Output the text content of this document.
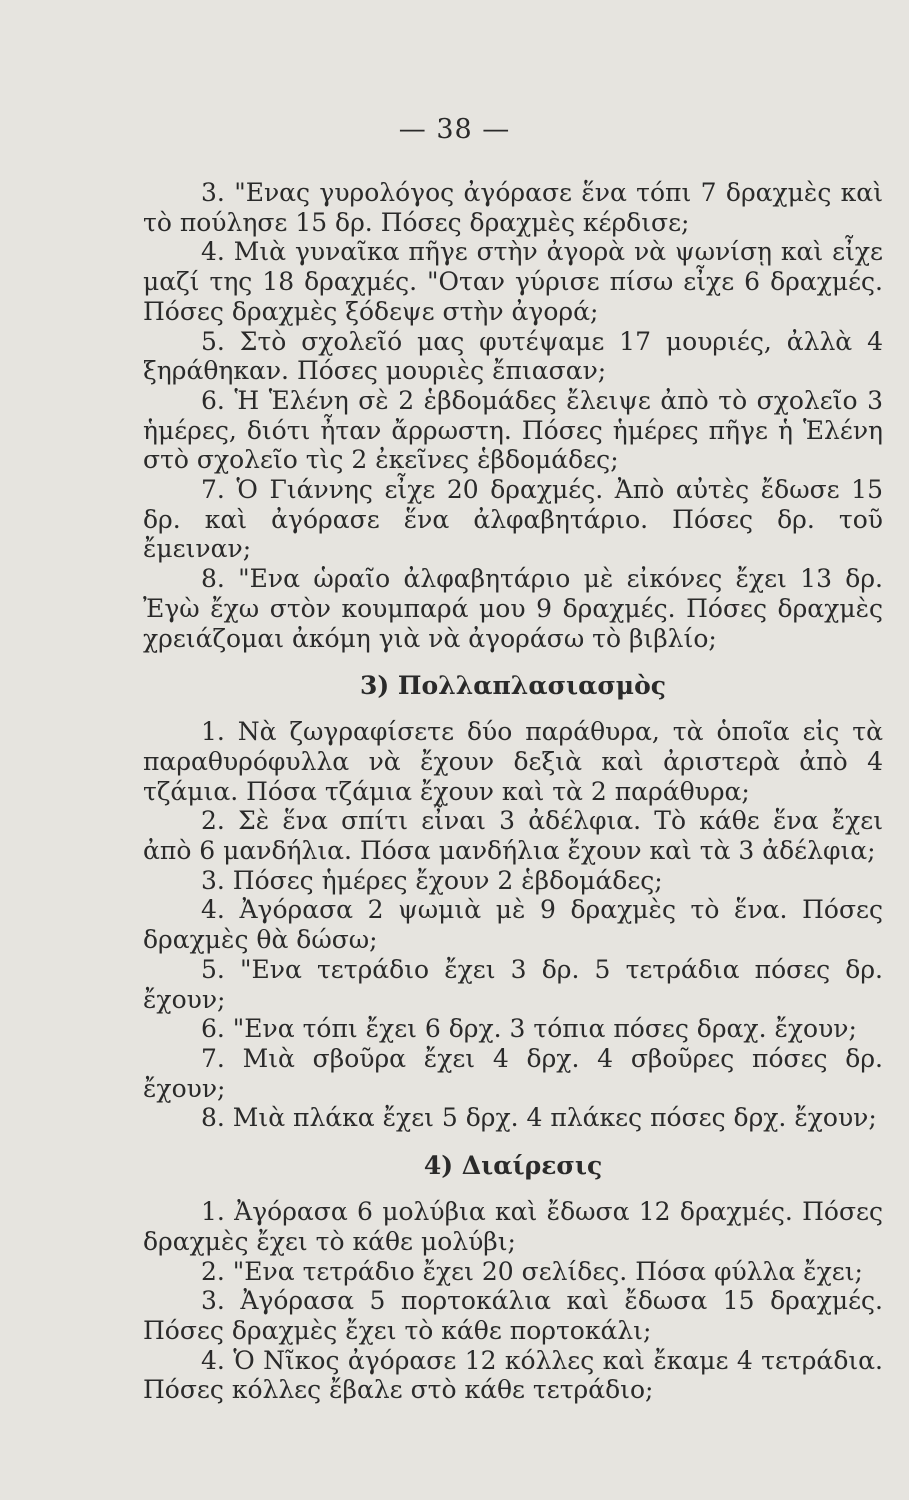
— 38 —

3. "Ενας γυρολόγος ἀγόρασε ἕνα τόπι 7 δραχμὲς καὶ τὸ πούλησε 15 δρ. Πόσες δραχμὲς κέρδισε;

4. Μιὰ γυναῖκα πῆγε στὴν ἀγορὰ νὰ ψωνίσῃ καὶ εἶχε μαζί της 18 δραχμές. "Οταν γύρισε πίσω εἶχε 6 δραχμές. Πόσες δραχμὲς ξόδεψε στὴν ἀγορά;

5. Στὸ σχολεῖό μας φυτέψαμε 17 μουριές, ἀλλὰ 4 ξηράθηκαν. Πόσες μουριὲς ἔπιασαν;

6. Ἡ Ἑλένη σὲ 2 ἑβδομάδες ἔλειψε ἀπὸ τὸ σχολεῖο 3 ἡμέρες, διότι ἦταν ἄρρωστη. Πόσες ἡμέρες πῆγε ἡ Ἑλένη στὸ σχολεῖο τὶς 2 ἐκεῖνες ἑβδομάδες;

7. Ὁ Γιάννης εἶχε 20 δραχμές. Ἀπὸ αὐτὲς ἔδωσε 15 δρ. καὶ ἀγόρασε ἕνα ἀλφαβητάριο. Πόσες δρ. τοῦ ἔμειναν;

8. "Ενα ὡραῖο ἀλφαβητάριο μὲ εἰκόνες ἔχει 13 δρ. Ἐγὼ ἔχω στὸν κουμπαρά μου 9 δραχμές. Πόσες δραχμὲς χρειάζομαι ἀκόμη γιὰ νὰ ἀγοράσω τὸ βιβλίο;

3) Πολλαπλασιασμὸς

1. Νὰ ζωγραφίσετε δύο παράθυρα, τὰ ὁποῖα εἰς τὰ παραθυρόφυλλα νὰ ἔχουν δεξιὰ καὶ ἀριστερὰ ἀπὸ 4 τζάμια. Πόσα τζάμια ἔχουν καὶ τὰ 2 παράθυρα;

2. Σὲ ἕνα σπίτι εἶναι 3 ἀδέλφια. Τὸ κάθε ἕνα ἔχει ἀπὸ 6 μανδήλια. Πόσα μανδήλια ἔχουν καὶ τὰ 3 ἀδέλφια;

3. Πόσες ἡμέρες ἔχουν 2 ἑβδομάδες;

4. Ἀγόρασα 2 ψωμιὰ μὲ 9 δραχμὲς τὸ ἕνα. Πόσες δραχμὲς θὰ δώσω;

5. "Ενα τετράδιο ἔχει 3 δρ. 5 τετράδια πόσες δρ. ἔχουν;

6. "Ενα τόπι ἔχει 6 δρχ. 3 τόπια πόσες δραχ. ἔχουν;

7. Μιὰ σβοῦρα ἔχει 4 δρχ. 4 σβοῦρες πόσες δρ. ἔχουν;

8. Μιὰ πλάκα ἔχει 5 δρχ. 4 πλάκες πόσες δρχ. ἔχουν;

4) Διαίρεσις

1. Ἀγόρασα 6 μολύβια καὶ ἔδωσα 12 δραχμές. Πόσες δραχμὲς ἔχει τὸ κάθε μολύβι;

2. "Ενα τετράδιο ἔχει 20 σελίδες. Πόσα φύλλα ἔχει;

3. Ἀγόρασα 5 πορτοκάλια καὶ ἔδωσα 15 δραχμές. Πόσες δραχμὲς ἔχει τὸ κάθε πορτοκάλι;

4. Ὁ Νῖκος ἀγόρασε 12 κόλλες καὶ ἔκαμε 4 τετράδια. Πόσες κόλλες ἔβαλε στὸ κάθε τετράδιο;
